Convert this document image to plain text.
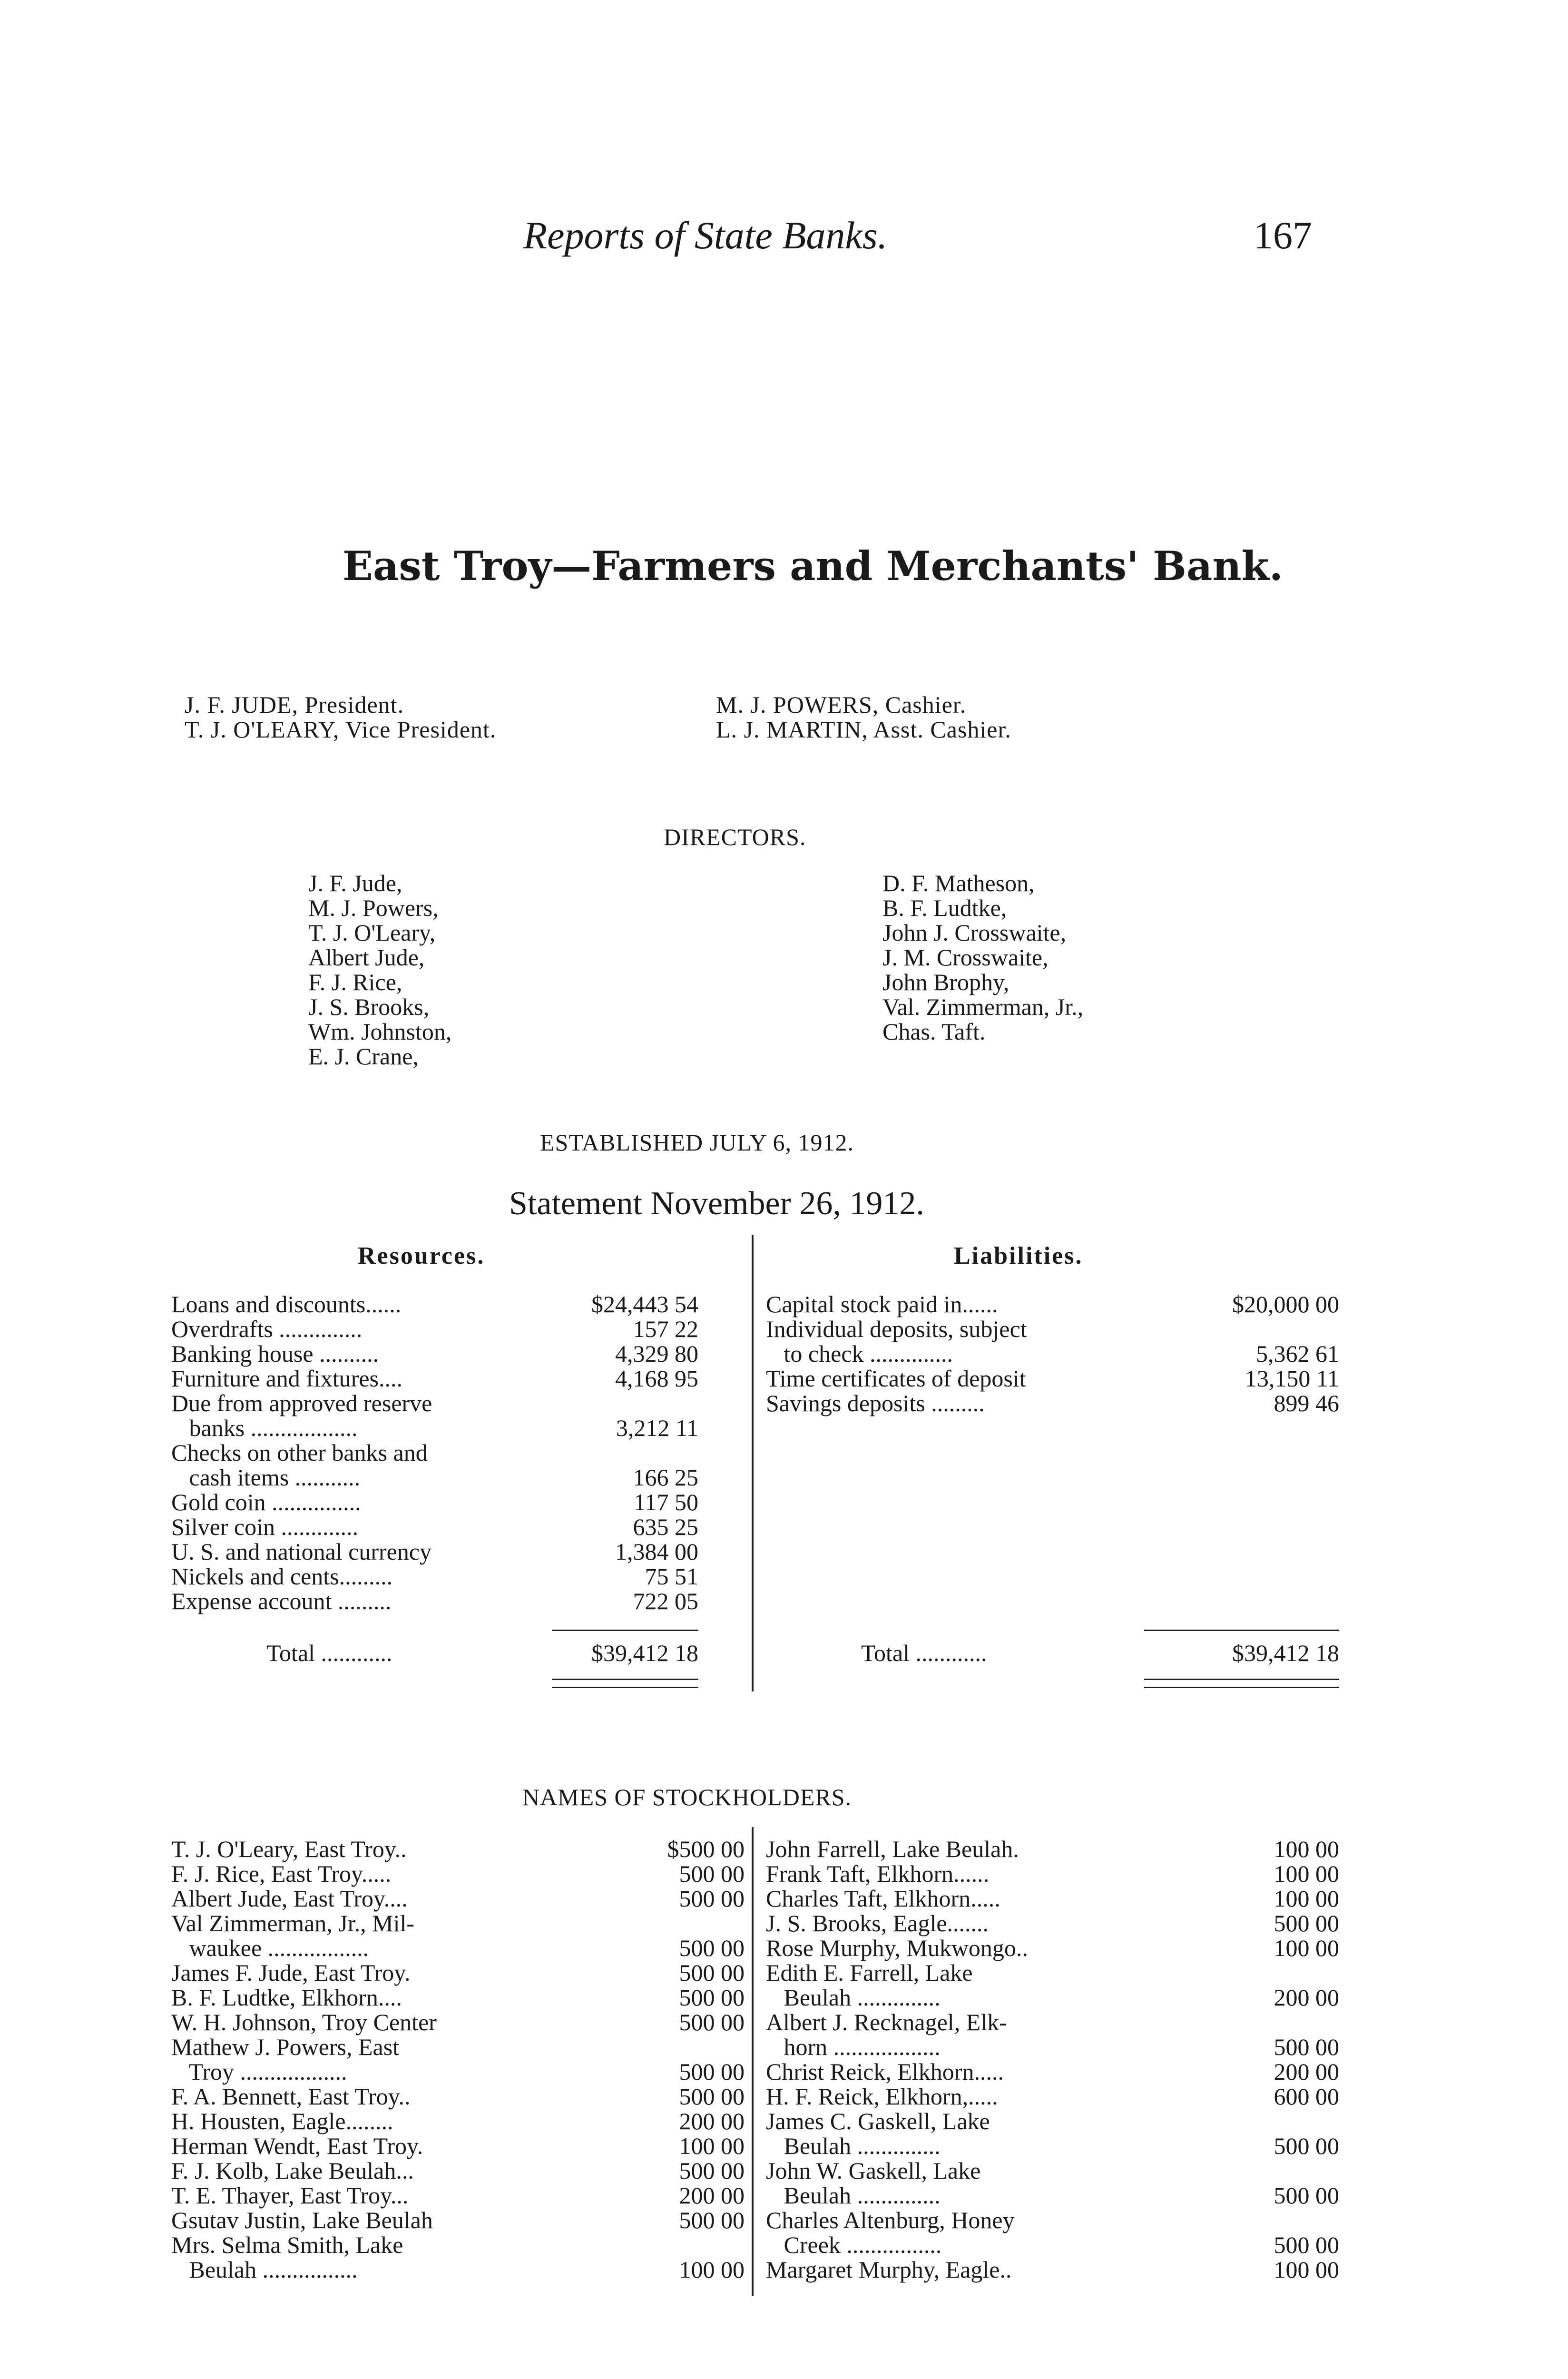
Reports of State Banks.	167
East Troy—Farmers and Merchants' Bank.
J. F. JUDE, President.
T. J. O'LEARY, Vice President.
M. J. POWERS, Cashier.
L. J. MARTIN, Asst. Cashier.
DIRECTORS.
J. F. Jude,
M. J. Powers,
T. J. O'Leary,
Albert Jude,
F. J. Rice,
J. S. Brooks,
Wm. Johnston,
E. J. Crane,
D. F. Matheson,
B. F. Ludtke,
John J. Crosswaite,
J. M. Crosswaite,
John Brophy,
Val. Zimmerman, Jr.,
Chas. Taft.
ESTABLISHED JULY 6, 1912.
Statement November 26, 1912.
Resources.	Liabilities.
Loans and discounts......	$24,443 54
Overdrafts ..............	157 22
Banking house ..........	4,329 80
Furniture and fixtures....	4,168 95
Due from approved reserve
banks ..................	3,212 11
Checks on other banks and
cash items ...........	166 25
Gold coin ...............	117 50
Silver coin .............	635 25
U. S. and national currency	1,384 00
Nickels and cents.........	75 51
Expense account .........	722 05
Total ............	$39,412 18
Capital stock paid in......	$20,000 00
Individual deposits, subject
to check ..............	5,362 61
Time certificates of deposit	13,150 11
Savings deposits .........	899 46
Total ............	$39,412 18
NAMES OF STOCKHOLDERS.
T. J. O'Leary, East Troy..	$500 00
F. J. Rice, East Troy.....	500 00
Albert Jude, East Troy....	500 00
Val Zimmerman, Jr., Mil-
waukee .................	500 00
James F. Jude, East Troy.	500 00
B. F. Ludtke, Elkhorn....	500 00
W. H. Johnson, Troy Center	500 00
Mathew J. Powers, East
Troy ..................	500 00
F. A. Bennett, East Troy..	500 00
H. Housten, Eagle........	200 00
Herman Wendt, East Troy.	100 00
F. J. Kolb, Lake Beulah...	500 00
T. E. Thayer, East Troy...	200 00
Gsutav Justin, Lake Beulah	500 00
Mrs. Selma Smith, Lake
Beulah ................	100 00
John Farrell, Lake Beulah.	100 00
Frank Taft, Elkhorn......	100 00
Charles Taft, Elkhorn.....	100 00
J. S. Brooks, Eagle.......	500 00
Rose Murphy, Mukwongo..	100 00
Edith E. Farrell, Lake
Beulah ..............	200 00
Albert J. Recknagel, Elk-
horn ..................	500 00
Christ Reick, Elkhorn.....	200 00
H. F. Reick, Elkhorn,.....	600 00
James C. Gaskell, Lake
Beulah ..............	500 00
John W. Gaskell, Lake
Beulah ..............	500 00
Charles Altenburg, Honey
Creek ................	500 00
Margaret Murphy, Eagle..	100 00
